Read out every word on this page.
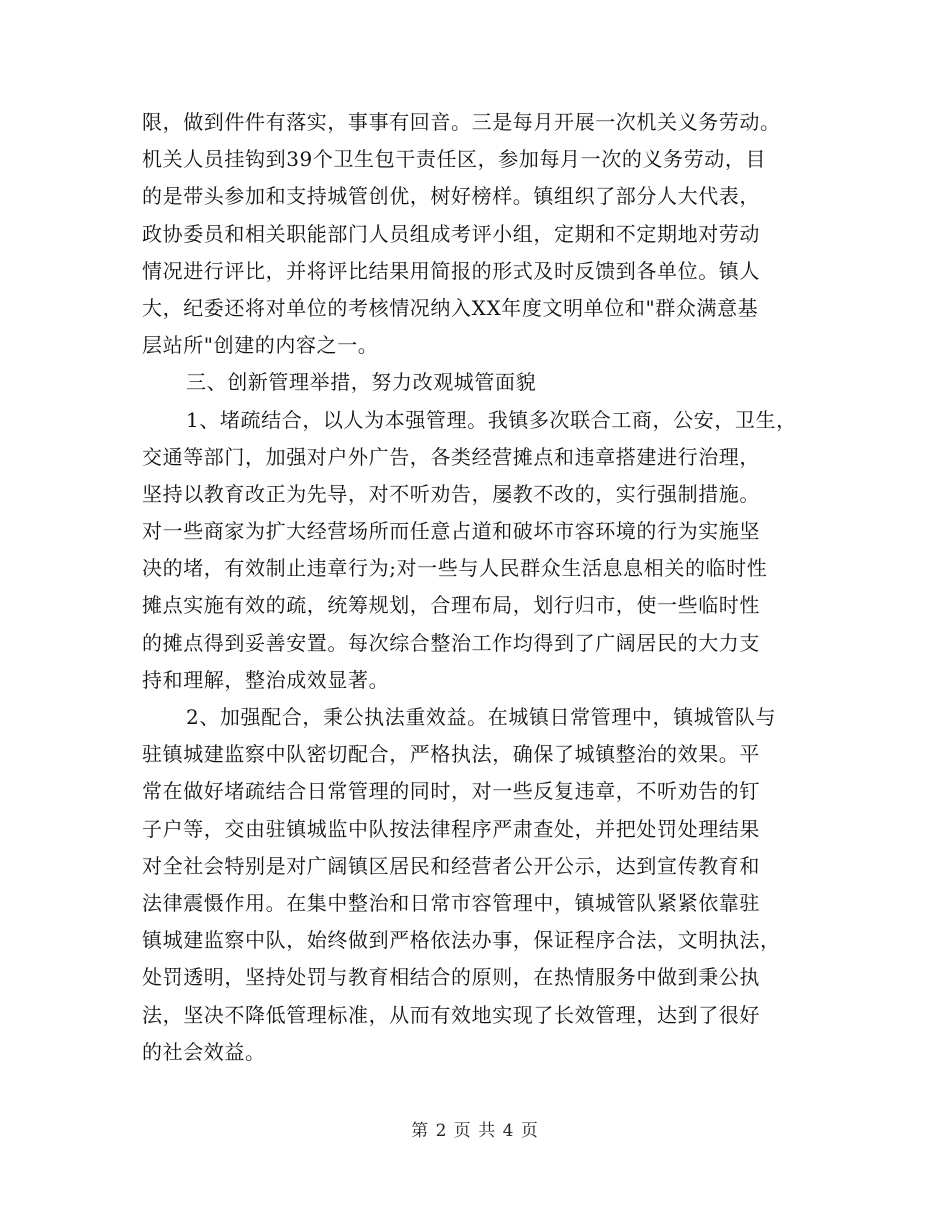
限，做到件件有落实，事事有回音。三是每月开展一次机关义务劳动。
机关人员挂钩到39个卫生包干责任区，参加每月一次的义务劳动，目
的是带头参加和支持城管创优，树好榜样。镇组织了部分人大代表，
政协委员和相关职能部门人员组成考评小组，定期和不定期地对劳动
情况进行评比，并将评比结果用简报的形式及时反馈到各单位。镇人
大，纪委还将对单位的考核情况纳入XX年度文明单位和"群众满意基
层站所"创建的内容之一。
三、创新管理举措，努力改观城管面貌
1、堵疏结合，以人为本强管理。我镇多次联合工商，公安，卫生，
交通等部门，加强对户外广告，各类经营摊点和违章搭建进行治理，
坚持以教育改正为先导，对不听劝告，屡教不改的，实行强制措施。
对一些商家为扩大经营场所而任意占道和破坏市容环境的行为实施坚
决的堵，有效制止违章行为;对一些与人民群众生活息息相关的临时性
摊点实施有效的疏，统筹规划，合理布局，划行归市，使一些临时性
的摊点得到妥善安置。每次综合整治工作均得到了广阔居民的大力支
持和理解，整治成效显著。
2、加强配合，秉公执法重效益。在城镇日常管理中，镇城管队与
驻镇城建监察中队密切配合，严格执法，确保了城镇整治的效果。平
常在做好堵疏结合日常管理的同时，对一些反复违章，不听劝告的钉
子户等，交由驻镇城监中队按法律程序严肃查处，并把处罚处理结果
对全社会特别是对广阔镇区居民和经营者公开公示，达到宣传教育和
法律震慑作用。在集中整治和日常市容管理中，镇城管队紧紧依靠驻
镇城建监察中队，始终做到严格依法办事，保证程序合法，文明执法，
处罚透明，坚持处罚与教育相结合的原则，在热情服务中做到秉公执
法，坚决不降低管理标准，从而有效地实现了长效管理，达到了很好
的社会效益。
第 2 页 共 4 页
